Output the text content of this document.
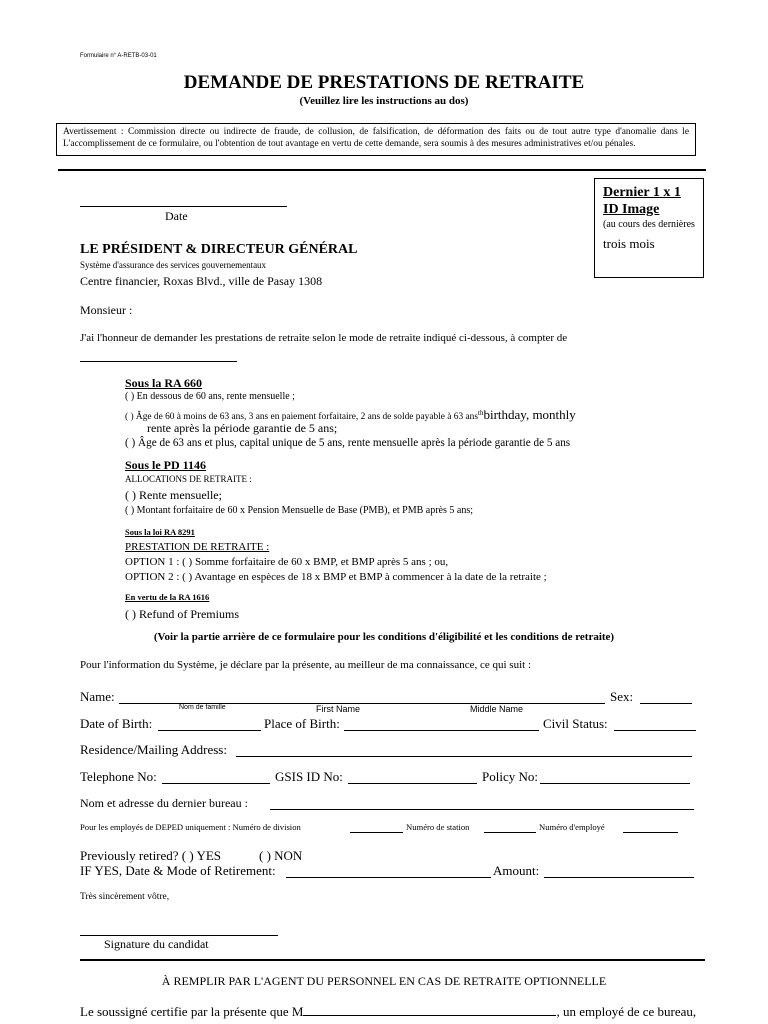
Formulaire n° A-RETB-03-01
DEMANDE DE PRESTATIONS DE RETRAITE
(Veuillez lire les instructions au dos)
Avertissement : Commission directe ou indirecte de fraude, de collusion, de falsification, de déformation des faits ou de tout autre type d'anomalie dans le L'accomplissement de ce formulaire, ou l'obtention de tout avantage en vertu de cette demande, sera soumis à des mesures administratives et/ou pénales.
Dernier 1 x 1
ID Image
(au cours des dernières
trois mois
Date
LE PRÉSIDENT & DIRECTEUR GÉNÉRAL
Système d'assurance des services gouvernementaux
Centre financier, Roxas Blvd., ville de Pasay 1308
Monsieur :
J'ai l'honneur de demander les prestations de retraite selon le mode de retraite indiqué ci-dessous, à compter de
Sous la RA 660
( ) En dessous de 60 ans, rente mensuelle ;
( ) Âge de 60 à moins de 63 ans, 3 ans en paiement forfaitaire, 2 ans de solde payable à 63 ans$^{th}$birthday, monthly
rente après la période garantie de 5 ans;
( ) Âge de 63 ans et plus, capital unique de 5 ans, rente mensuelle après la période garantie de 5 ans
Sous le PD 1146
ALLOCATIONS DE RETRAITE :
( ) Rente mensuelle;
( ) Montant forfaitaire de 60 x Pension Mensuelle de Base (PMB), et PMB après 5 ans;
Sous la loi RA 8291
PRESTATION DE RETRAITE :
OPTION 1 : ( ) Somme forfaitaire de 60 x BMP, et BMP après 5 ans ; ou,
OPTION 2 : ( ) Avantage en espèces de 18 x BMP et BMP à commencer à la date de la retraite ;
En vertu de la RA 1616
( ) Refund of Premiums
(Voir la partie arrière de ce formulaire pour les conditions d'éligibilité et les conditions de retraite)
Pour l'information du Système, je déclare par la présente, au meilleur de ma connaissance, ce qui suit :
Name:	Sex:
Nom de famille	First Name	Middle Name
Date of Birth:	Place of Birth:	Civil Status:
Residence/Mailing Address:
Telephone No:	GSIS ID No:	Policy No:
Nom et adresse du dernier bureau :
Pour les employés de DEPED uniquement : Numéro de division	Numéro de station	Numéro d'employé
Previously retired? ( ) YES	( ) NON
IF YES, Date & Mode of Retirement:	Amount:
Très sincèrement vôtre,
Signature du candidat
À REMPLIR PAR L'AGENT DU PERSONNEL EN CAS DE RETRAITE OPTIONNELLE
Le soussigné certifie par la présente que M	, un employé de ce bureau,
